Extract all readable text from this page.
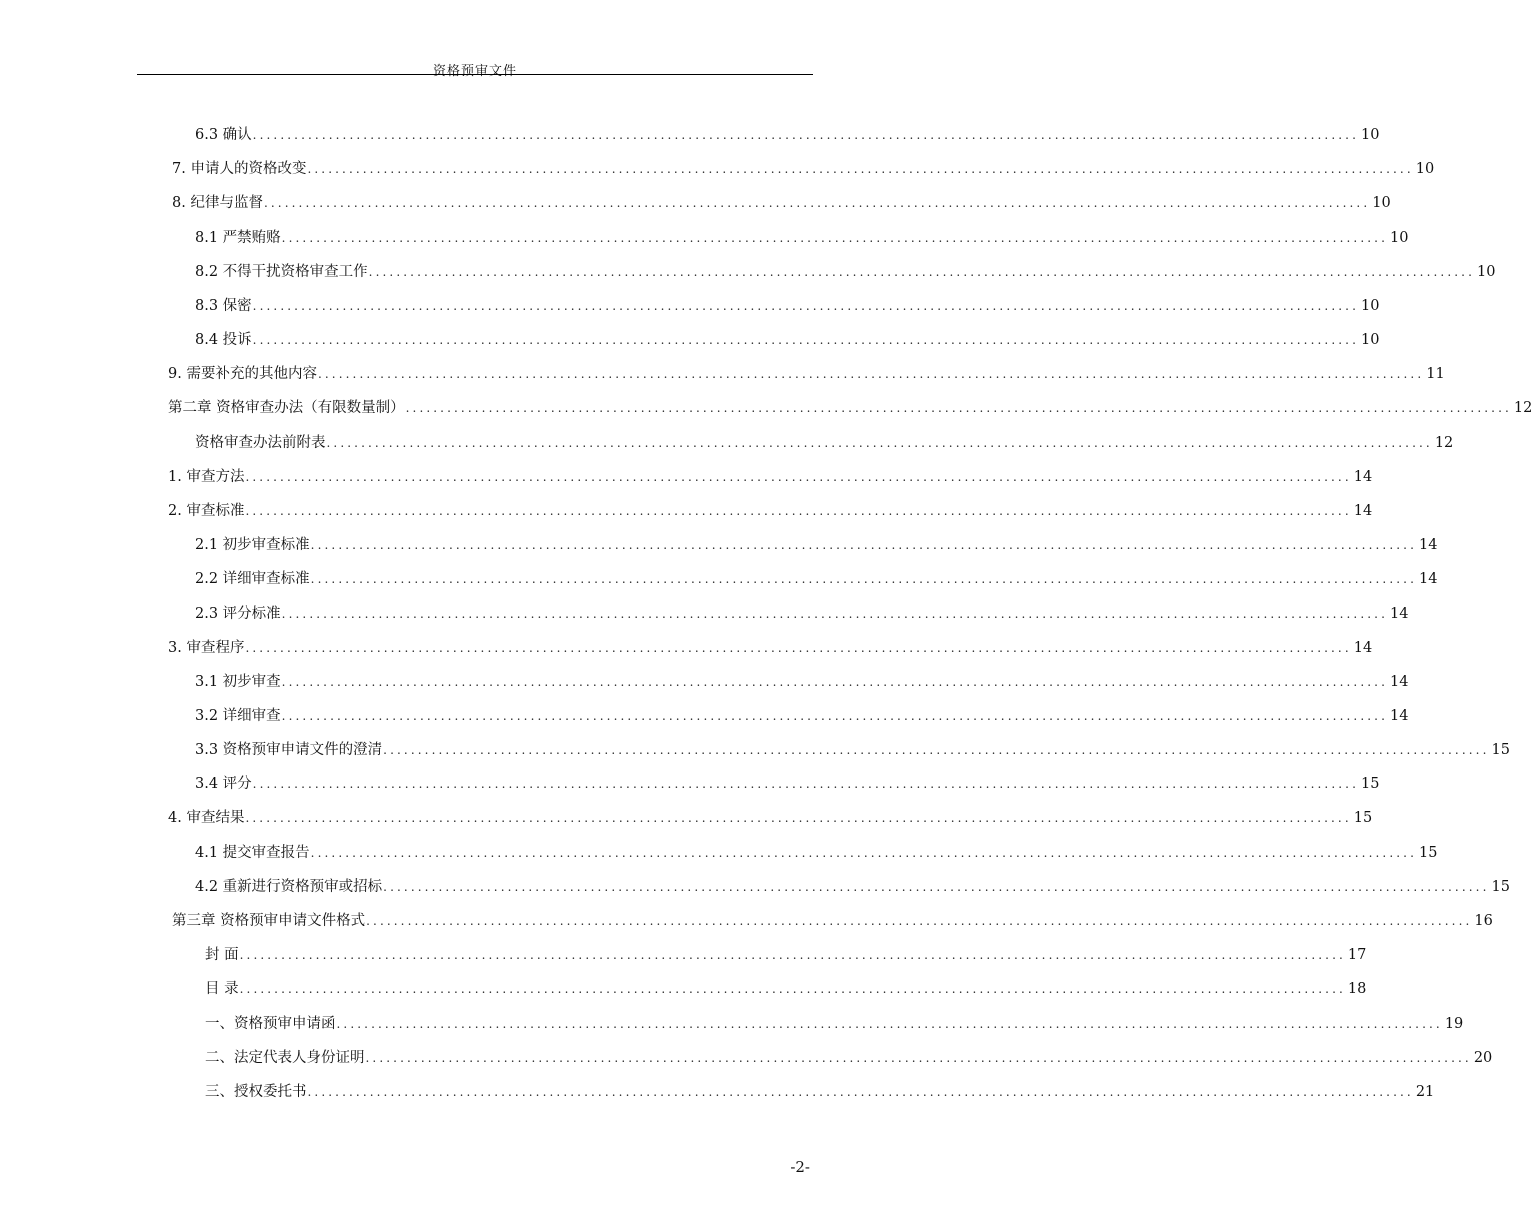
资格预审文件
6.3 确认 ................................................................................................................................................................ 10
7. 申请人的资格改变 ................................................................................................................................................................ 10
8. 纪律与监督 ................................................................................................................................................................ 10
8.1 严禁贿赂 ................................................................................................................................................................ 10
8.2 不得干扰资格审查工作 ................................................................................................................................................................ 10
8.3 保密 ................................................................................................................................................................ 10
8.4 投诉 ................................................................................................................................................................ 10
9. 需要补充的其他内容 ................................................................................................................................................................ 11
第二章 资格审查办法（有限数量制） ................................................................................................................................................................ 12
资格审查办法前附表 ................................................................................................................................................................ 12
1. 审查方法 ................................................................................................................................................................ 14
2. 审查标准 ................................................................................................................................................................ 14
2.1 初步审查标准 ................................................................................................................................................................ 14
2.2 详细审查标准 ................................................................................................................................................................ 14
2.3 评分标准 ................................................................................................................................................................ 14
3. 审查程序 ................................................................................................................................................................ 14
3.1 初步审查 ................................................................................................................................................................ 14
3.2 详细审查 ................................................................................................................................................................ 14
3.3 资格预审申请文件的澄清 ................................................................................................................................................................ 15
3.4 评分 ................................................................................................................................................................ 15
4. 审查结果 ................................................................................................................................................................ 15
4.1 提交审查报告 ................................................................................................................................................................ 15
4.2 重新进行资格预审或招标 ................................................................................................................................................................ 15
第三章 资格预审申请文件格式 ................................................................................................................................................................ 16
封 面 ................................................................................................................................................................ 17
目 录 ................................................................................................................................................................ 18
一、资格预审申请函 ................................................................................................................................................................ 19
二、法定代表人身份证明 ................................................................................................................................................................ 20
三、授权委托书 ................................................................................................................................................................ 21
-2-
